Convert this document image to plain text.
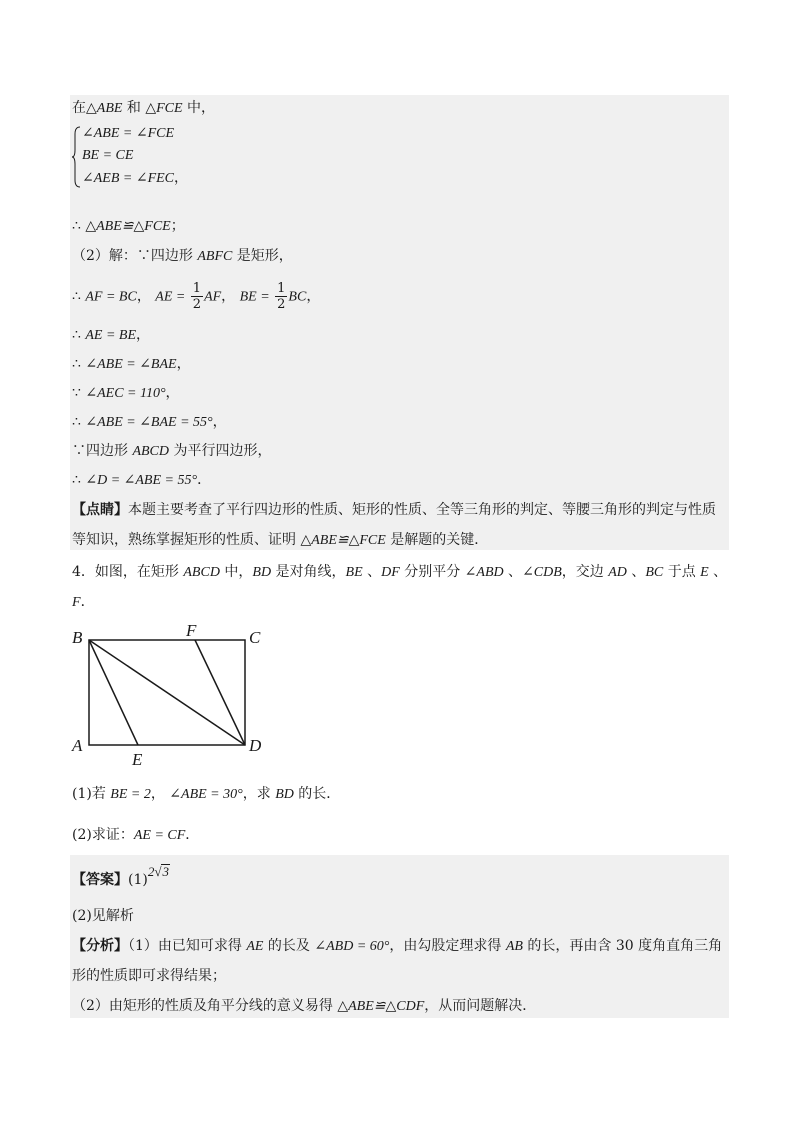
在△ABE 和 △FCE 中，
∠ABE = ∠FCE
BE = CE
∠AEB = ∠FEC，
∴ △ABE≌△FCE；
（2）解：∵四边形 ABFC 是矩形，
∴ AF = BC， AE = $\frac{1}{2}$ AF， BE = $\frac{1}{2}$ BC，
∴ AE = BE，
∴ ∠ABE = ∠BAE，
∵ ∠AEC = 110°，
∴ ∠ABE = ∠BAE = 55°，
∵四边形 ABCD 为平行四边形，
∴ ∠D = ∠ABE = 55°．
【点睛】本题主要考查了平行四边形的性质、矩形的性质、全等三角形的判定、等腰三角形的判定与性质
等知识，熟练掌握矩形的性质、证明 △ABE≌△FCE 是解题的关键．
4．如图，在矩形 ABCD 中，BD 是对角线，BE 、DF 分别平分 ∠ABD 、∠CDB，交边 AD 、BC 于点 E 、
F．
B	F	C
A
E
D
(1)若 BE = 2， ∠ABE = 30°，求 BD 的长．
(2)求证：AE = CF．
【答案】(1)2√3
(2)见解析
【分析】（1）由已知可求得 AE 的长及 ∠ABD = 60°，由勾股定理求得 AB 的长，再由含 30 度角直角三角
形的性质即可求得结果；
（2）由矩形的性质及角平分线的意义易得 △ABE≌△CDF，从而问题解决．
